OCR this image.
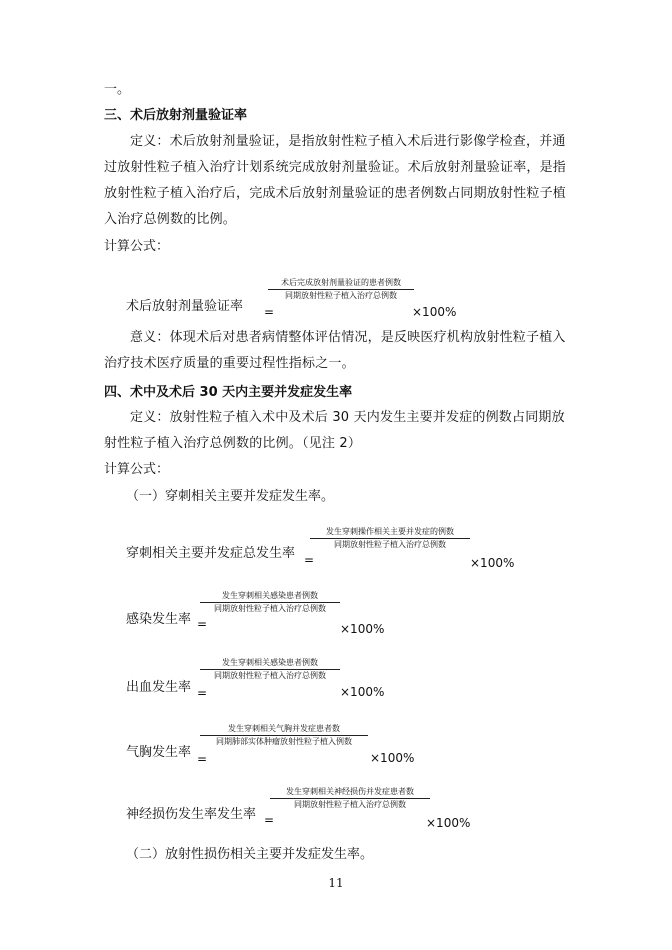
一。
三、术后放射剂量验证率
定义：术后放射剂量验证，是指放射性粒子植入术后进行影像学检查，并通过放射性粒子植入治疗计划系统完成放射剂量验证。术后放射剂量验证率，是指放射性粒子植入治疗后，完成术后放射剂量验证的患者例数占同期放射性粒子植入治疗总例数的比例。
计算公式：
术后放射剂量验证率 =
术后完成放射剂量验证的患者例数
同期放射性粒子植入治疗总例数
×100%
意义：体现术后对患者病情整体评估情况，是反映医疗机构放射性粒子植入治疗技术医疗质量的重要过程性指标之一。
四、术中及术后 30 天内主要并发症发生率
定义：放射性粒子植入术中及术后 30 天内发生主要并发症的例数占同期放射性粒子植入治疗总例数的比例。（见注 2）
计算公式：
（一）穿刺相关主要并发症发生率。
穿刺相关主要并发症总发生率 =
发生穿刺操作相关主要并发症的例数
同期放射性粒子植入治疗总例数
×100%
感染发生率 =
发生穿刺相关感染患者例数
同期放射性粒子植入治疗总例数
×100%
出血发生率 =
发生穿刺相关感染患者例数
同期放射性粒子植入治疗总例数
×100%
气胸发生率 =
发生穿刺相关气胸并发症患者数
同期肺部实体肿瘤放射性粒子植入例数
×100%
神经损伤发生率发生率 =
发生穿刺相关神经损伤并发症患者数
同期放射性粒子植入治疗总例数
×100%
（二）放射性损伤相关主要并发症发生率。
11
